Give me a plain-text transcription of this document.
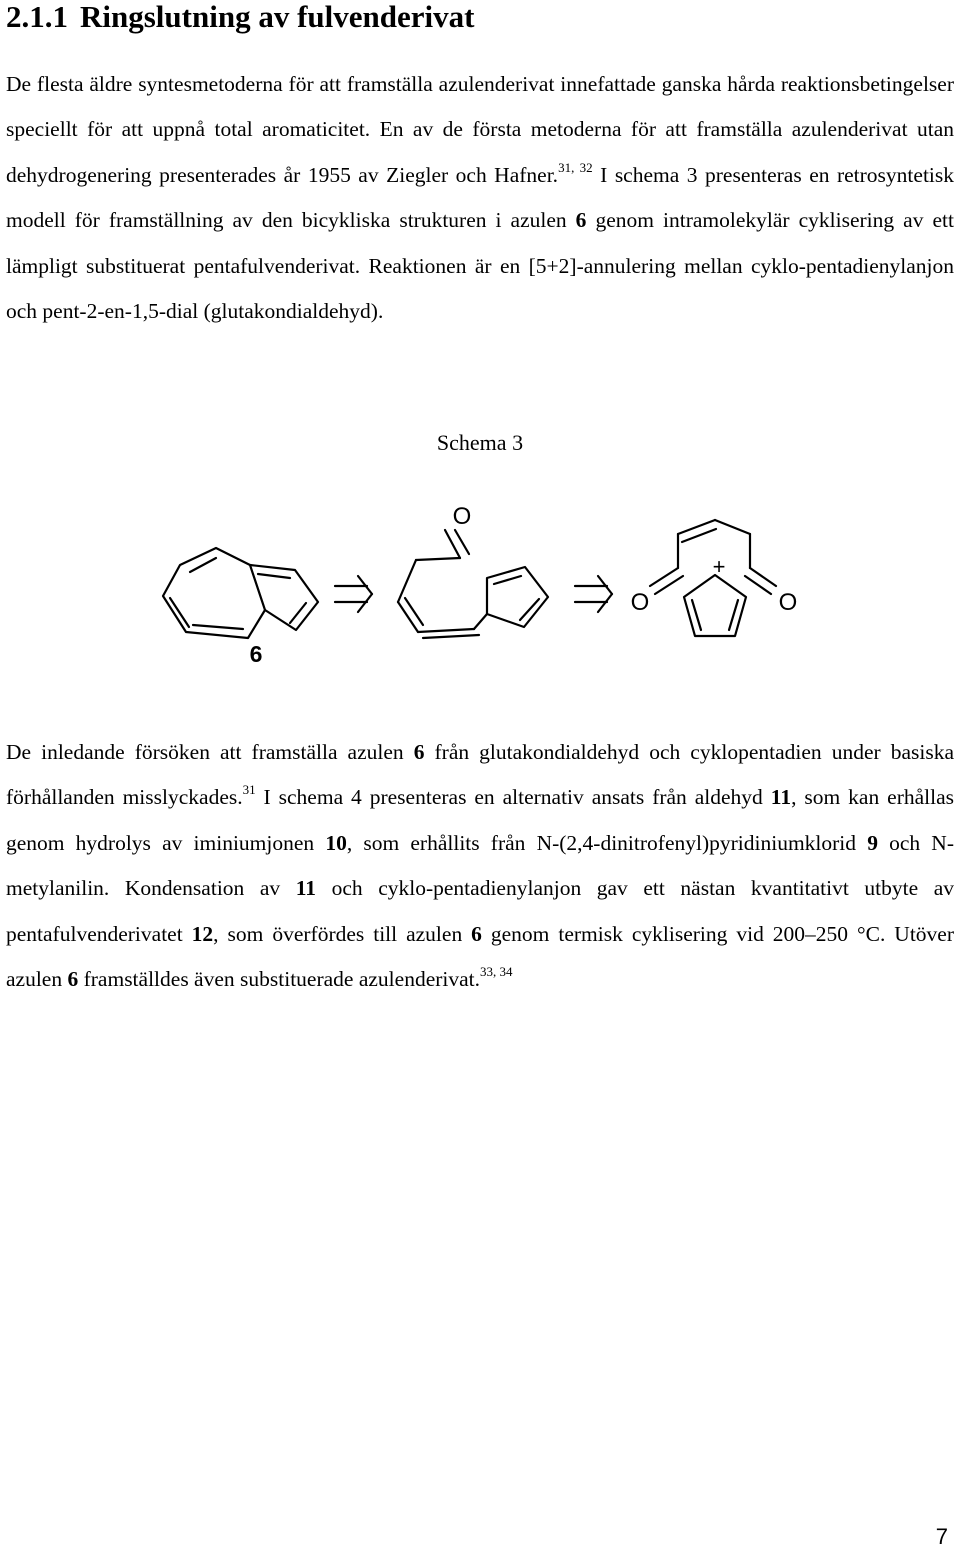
2.1.1 Ringslutning av fulvenderivat

De flesta äldre syntesmetoderna för att framställa azulenderivat innefattade ganska hårda reaktionsbetingelser speciellt för att uppnå total aromaticitet. En av de första metoderna för att framställa azulenderivat utan dehydrogenering presenterades år 1955 av Ziegler och Hafner.$^{31, 32}$ I schema 3 presenteras en retrosyntetisk modell för framställning av den bicykliska strukturen i azulen 6 genom intramolekylär cyklisering av ett lämpligt substituerat pentafulvenderivat. Reaktionen är en [5+2]-annulering mellan cyklo-pentadienylanjon och pent-2-en-1,5-dial (glutakondialdehyd).

Schema 3

O
O	O
+
6

De inledande försöken att framställa azulen 6 från glutakondialdehyd och cyklopentadien under basiska förhållanden misslyckades.$^{31}$ I schema 4 presenteras en alternativ ansats från aldehyd 11, som kan erhållas genom hydrolys av iminiumjonen 10, som erhållits från N-(2,4-dinitrofenyl)pyridiniumklorid 9 och N-metylanilin. Kondensation av 11 och cyklo-pentadienylanjon gav ett nästan kvantitativt utbyte av pentafulvenderivatet 12, som överfördes till azulen 6 genom termisk cyklisering vid 200–250 °C. Utöver azulen 6 framställdes även substituerade azulenderivat.$^{33, 34}$

7
